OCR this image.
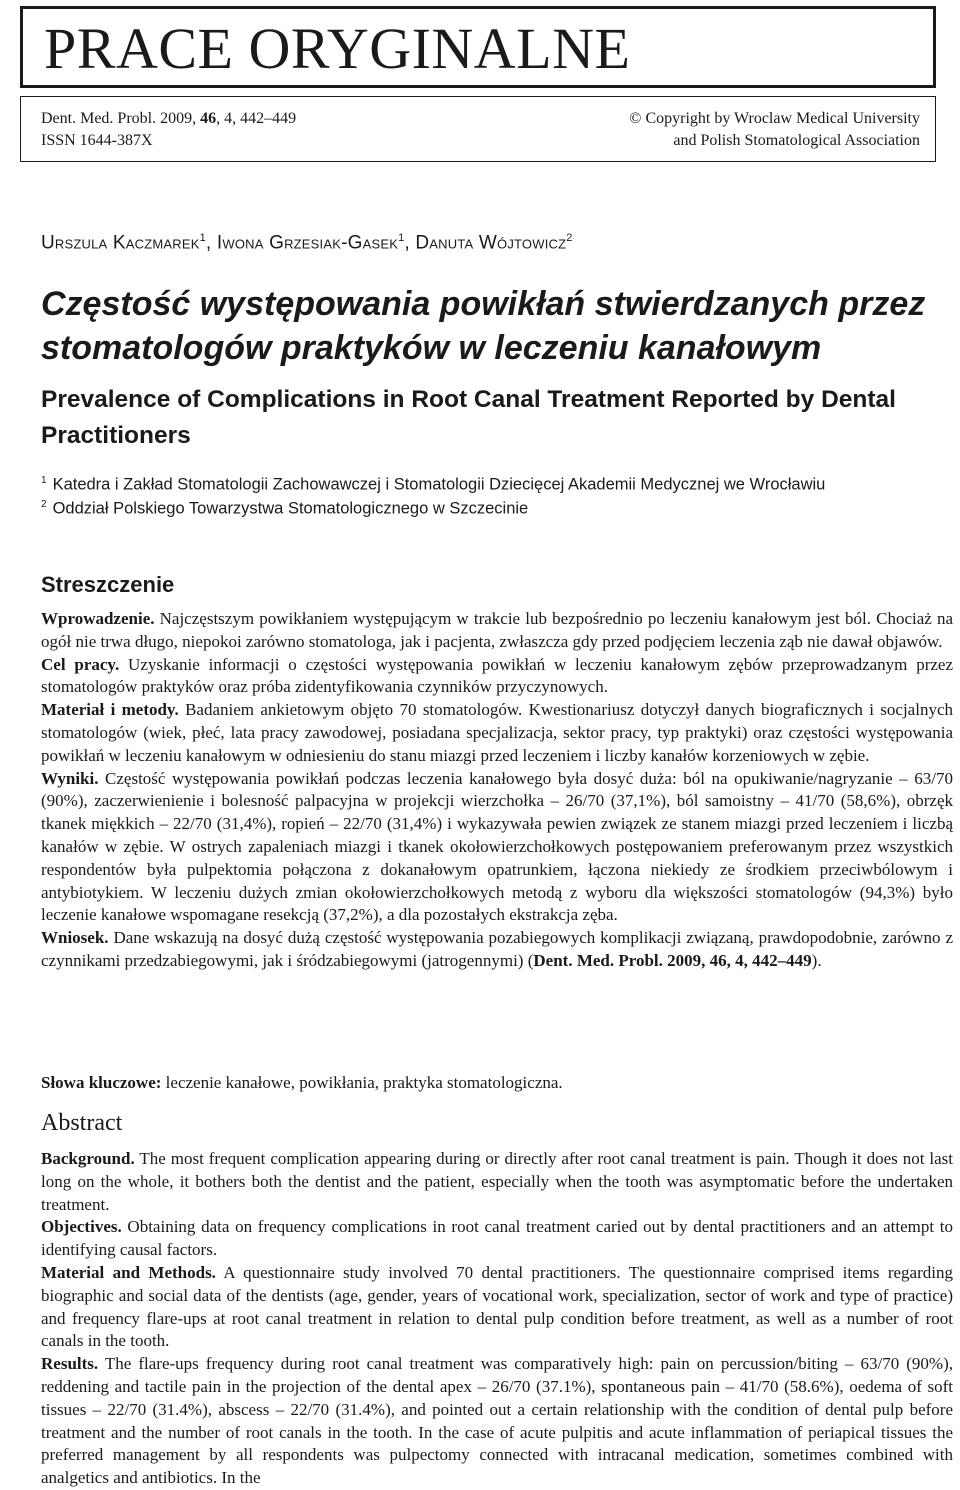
PRACE ORYGINALNE
Dent. Med. Probl. 2009, 46, 4, 442–449
ISSN 1644-387X
© Copyright by Wroclaw Medical University
and Polish Stomatological Association
Urszula Kaczmarek$^1$, Iwona Grzesiak-Gasek$^1$, Danuta Wójtowicz$^2$
Częstość występowania powikłań stwierdzanych przez stomatologów praktyków w leczeniu kanałowym
Prevalence of Complications in Root Canal Treatment Reported by Dental Practitioners
$^1$ Katedra i Zakład Stomatologii Zachowawczej i Stomatologii Dziecięcej Akademii Medycznej we Wrocławiu
$^2$ Oddział Polskiego Towarzystwa Stomatologicznego w Szczecinie
Streszczenie

Wprowadzenie. Najczęstszym powikłaniem występującym w trakcie lub bezpośrednio po leczeniu kanałowym jest ból. Chociaż na ogół nie trwa długo, niepokoi zarówno stomatologa, jak i pacjenta, zwłaszcza gdy przed podjęciem leczenia ząb nie dawał objawów.

Cel pracy. Uzyskanie informacji o częstości występowania powikłań w leczeniu kanałowym zębów przeprowadzanym przez stomatologów praktyków oraz próba zidentyfikowania czynników przyczynowych.

Materiał i metody. Badaniem ankietowym objęto 70 stomatologów. Kwestionariusz dotyczył danych biograficznych i socjalnych stomatologów (wiek, płeć, lata pracy zawodowej, posiadana specjalizacja, sektor pracy, typ praktyki) oraz częstości występowania powikłań w leczeniu kanałowym w odniesieniu do stanu miazgi przed leczeniem i liczby kanałów korzeniowych w zębie.

Wyniki. Częstość występowania powikłań podczas leczenia kanałowego była dosyć duża: ból na opukiwanie/nagryzanie – 63/70 (90%), zaczerwienienie i bolesność palpacyjna w projekcji wierzchołka – 26/70 (37,1%), ból samoistny – 41/70 (58,6%), obrzęk tkanek miękkich – 22/70 (31,4%), ropień – 22/70 (31,4%) i wykazywała pewien związek ze stanem miazgi przed leczeniem i liczbą kanałów w zębie. W ostrych zapaleniach miazgi i tkanek okołowierzchołkowych postępowaniem preferowanym przez wszystkich respondentów była pulpektomia połączona z dokanałowym opatrunkiem, łączona niekiedy ze środkiem przeciwbólowym i antybiotykiem. W leczeniu dużych zmian okołowierzchołkowych metodą z wyboru dla większości stomatologów (94,3%) było leczenie kanałowe wspomagane resekcją (37,2%), a dla pozostałych ekstrakcja zęba.

Wniosek. Dane wskazują na dosyć dużą częstość występowania pozabiegowych komplikacji związaną, prawdopodobnie, zarówno z czynnikami przedzabiegowymi, jak i śródzabiegowymi (jatrogennymi) (Dent. Med. Probl. 2009, 46, 4, 442–449).

Słowa kluczowe: leczenie kanałowe, powikłania, praktyka stomatologiczna.
Abstract

Background. The most frequent complication appearing during or directly after root canal treatment is pain. Though it does not last long on the whole, it bothers both the dentist and the patient, especially when the tooth was asymptomatic before the undertaken treatment.

Objectives. Obtaining data on frequency complications in root canal treatment caried out by dental practitioners and an attempt to identifying causal factors.

Material and Methods. A questionnaire study involved 70 dental practitioners. The questionnaire comprised items regarding biographic and social data of the dentists (age, gender, years of vocational work, specialization, sector of work and type of practice) and frequency flare-ups at root canal treatment in relation to dental pulp condition before treatment, as well as a number of root canals in the tooth.

Results. The flare-ups frequency during root canal treatment was comparatively high: pain on percussion/biting – 63/70 (90%), reddening and tactile pain in the projection of the dental apex – 26/70 (37.1%), spontaneous pain – 41/70 (58.6%), oedema of soft tissues – 22/70 (31.4%), abscess – 22/70 (31.4%), and pointed out a certain relationship with the condition of dental pulp before treatment and the number of root canals in the tooth. In the case of acute pulpitis and acute inflammation of periapical tissues the preferred management by all respondents was pulpectomy connected with intracanal medication, sometimes combined with analgetics and antibiotics. In the
